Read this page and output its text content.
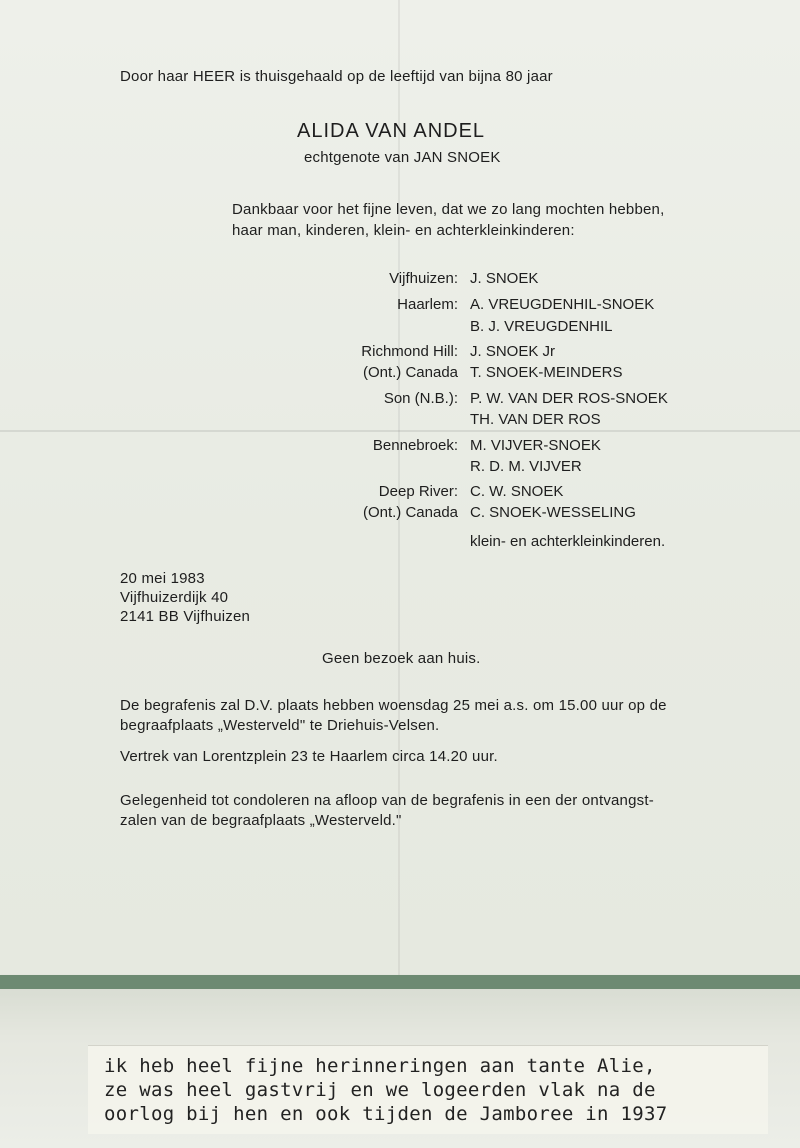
Door haar HEER is thuisgehaald op de leeftijd van bijna 80 jaar
ALIDA VAN ANDEL
echtgenote van JAN SNOEK
Dankbaar voor het fijne leven, dat we zo lang mochten hebben,
haar man, kinderen, klein- en achterkleinkinderen:
Vijfhuizen: J. SNOEK
Haarlem: A. VREUGDENHIL-SNOEK
B. J. VREUGDENHIL
Richmond Hill:
(Ont.) Canada
J. SNOEK Jr
T. SNOEK-MEINDERS
Son (N.B.): P. W. VAN DER ROS-SNOEK
TH. VAN DER ROS
Bennebroek: M. VIJVER-SNOEK
R. D. M. VIJVER
Deep River:
(Ont.) Canada
C. W. SNOEK
C. SNOEK-WESSELING
klein- en achterkleinkinderen.
20 mei 1983
Vijfhuizerdijk 40
2141 BB Vijfhuizen
Geen bezoek aan huis.
De begrafenis zal D.V. plaats hebben woensdag 25 mei a.s. om 15.00 uur op de
begraafplaats „Westerveld" te Driehuis-Velsen.
Vertrek van Lorentzplein 23 te Haarlem circa 14.20 uur.
Gelegenheid tot condoleren na afloop van de begrafenis in een der ontvangst-
zalen van de begraafplaats „Westerveld."
ik heb heel fijne herinneringen aan tante Alie,
ze was heel gastvrij en we logeerden vlak na de
oorlog bij hen en ook tijden de Jamboree in 1937
